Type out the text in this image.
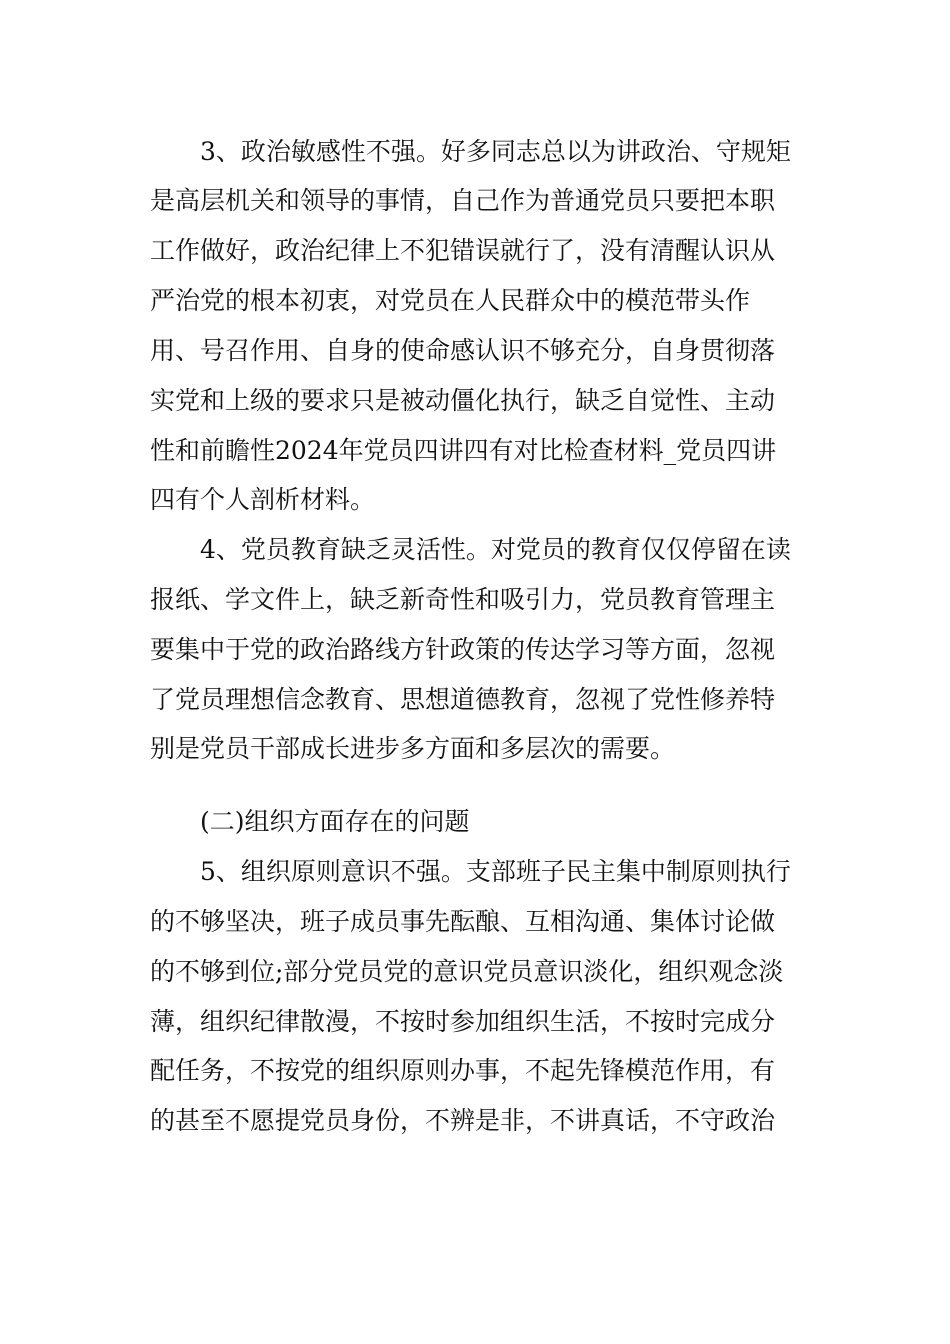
3、政治敏感性不强。好多同志总以为讲政治、守规矩
是高层机关和领导的事情，自己作为普通党员只要把本职
工作做好，政治纪律上不犯错误就行了，没有清醒认识从
严治党的根本初衷，对党员在人民群众中的模范带头作
用、号召作用、自身的使命感认识不够充分，自身贯彻落
实党和上级的要求只是被动僵化执行，缺乏自觉性、主动
性和前瞻性2024年党员四讲四有对比检查材料_党员四讲
四有个人剖析材料。
4、党员教育缺乏灵活性。对党员的教育仅仅停留在读
报纸、学文件上，缺乏新奇性和吸引力，党员教育管理主
要集中于党的政治路线方针政策的传达学习等方面，忽视
了党员理想信念教育、思想道德教育，忽视了党性修养特
别是党员干部成长进步多方面和多层次的需要。
(二)组织方面存在的问题
5、组织原则意识不强。支部班子民主集中制原则执行
的不够坚决，班子成员事先酝酿、互相沟通、集体讨论做
的不够到位;部分党员党的意识党员意识淡化，组织观念淡
薄，组织纪律散漫，不按时参加组织生活，不按时完成分
配任务，不按党的组织原则办事，不起先锋模范作用，有
的甚至不愿提党员身份，不辨是非，不讲真话，不守政治
